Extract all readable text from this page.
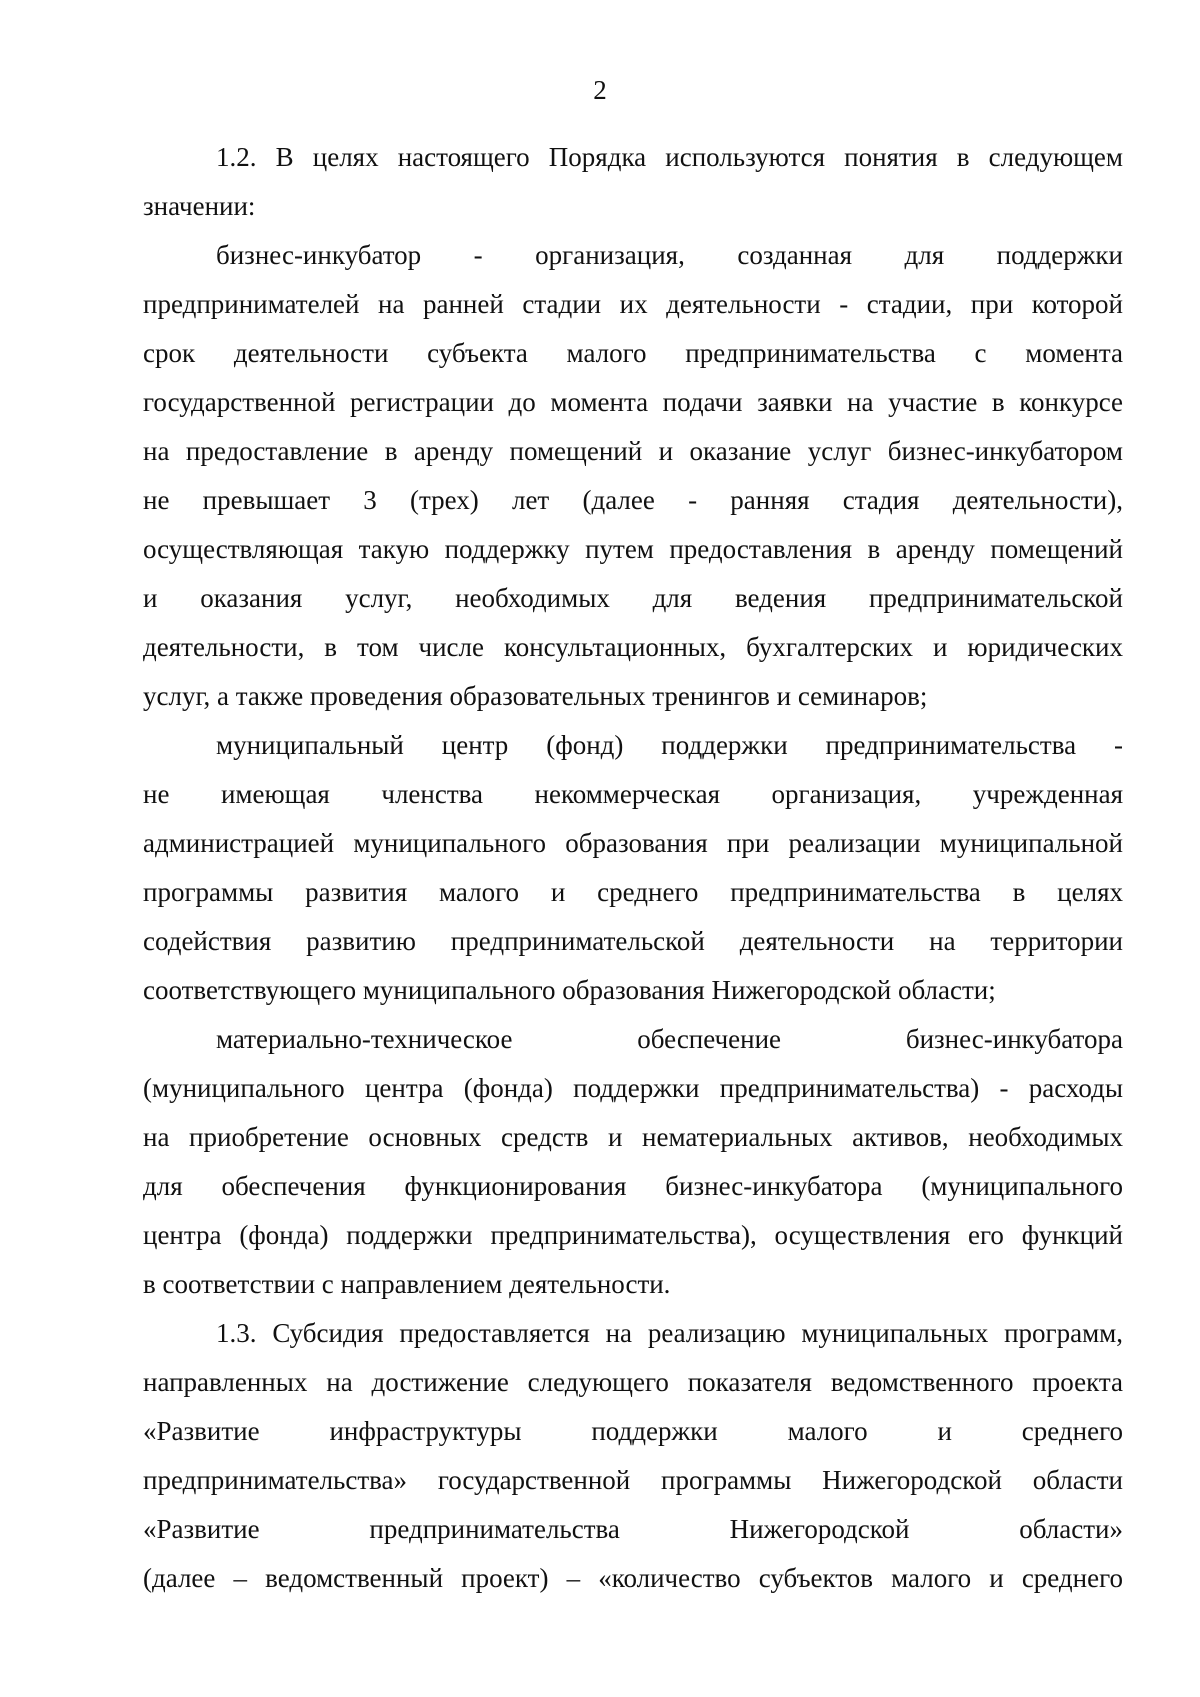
2
1.2. В целях настоящего Порядка используются понятия в следующем
значении:
бизнес-инкубатор - организация, созданная для поддержки
предпринимателей на ранней стадии их деятельности - стадии, при которой
срок деятельности субъекта малого предпринимательства с момента
государственной регистрации до момента подачи заявки на участие в конкурсе
на предоставление в аренду помещений и оказание услуг бизнес-инкубатором
не превышает 3 (трех) лет (далее - ранняя стадия деятельности),
осуществляющая такую поддержку путем предоставления в аренду помещений
и оказания услуг, необходимых для ведения предпринимательской
деятельности, в том числе консультационных, бухгалтерских и юридических
услуг, а также проведения образовательных тренингов и семинаров;
муниципальный центр (фонд) поддержки предпринимательства -
не имеющая членства некоммерческая организация, учрежденная
администрацией муниципального образования при реализации муниципальной
программы развития малого и среднего предпринимательства в целях
содействия развитию предпринимательской деятельности на территории
соответствующего муниципального образования Нижегородской области;
материально-техническое обеспечение бизнес-инкубатора
(муниципального центра (фонда) поддержки предпринимательства) - расходы
на приобретение основных средств и нематериальных активов, необходимых
для обеспечения функционирования бизнес-инкубатора (муниципального
центра (фонда) поддержки предпринимательства), осуществления его функций
в соответствии с направлением деятельности.
1.3. Субсидия предоставляется на реализацию муниципальных программ,
направленных на достижение следующего показателя ведомственного проекта
«Развитие инфраструктуры поддержки малого и среднего
предпринимательства» государственной программы Нижегородской области
«Развитие предпринимательства Нижегородской области»
(далее – ведомственный проект) – «количество субъектов малого и среднего
